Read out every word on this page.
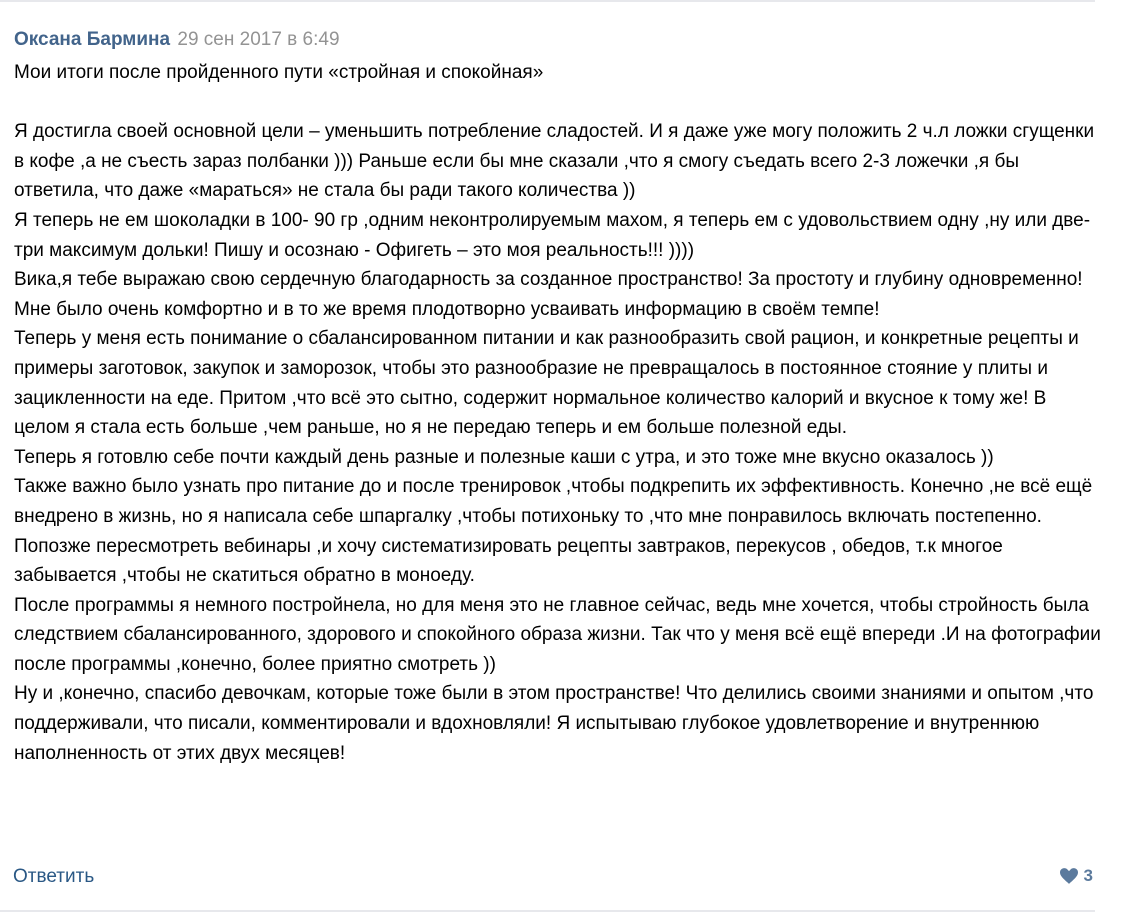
Оксана Бармина 29 сен 2017 в 6:49

Мои итоги после пройденного пути «стройная и спокойная»

Я достигла своей основной цели – уменьшить потребление сладостей. И я даже уже могу положить 2 ч.л ложки сгущенки в кофе ,а не съесть зараз полбанки ))) Раньше если бы мне сказали ,что я смогу съедать всего 2-3 ложечки ,я бы ответила, что даже «мараться» не стала бы ради такого количества ))

Я теперь не ем шоколадки в 100- 90 гр ,одним неконтролируемым махом, я теперь ем с удовольствием одну ,ну или две-три максимум дольки! Пишу и осознаю - Офигеть – это моя реальность!!! ))))

Вика,я тебе выражаю свою сердечную благодарность за созданное пространство! За простоту и глубину одновременно! Мне было очень комфортно и в то же время плодотворно усваивать информацию в своём темпе!

Теперь у меня есть понимание о сбалансированном питании и как разнообразить свой рацион, и конкретные рецепты и примеры заготовок, закупок и заморозок, чтобы это разнообразие не превращалось в постоянное стояние у плиты и зацикленности на еде. Притом ,что всё это сытно, содержит нормальное количество калорий и вкусное к тому же! В целом я стала есть больше ,чем раньше, но я не передаю теперь и ем больше полезной еды.

Теперь я готовлю себе почти каждый день разные и полезные каши с утра, и это тоже мне вкусно оказалось ))

Также важно было узнать про питание до и после тренировок ,чтобы подкрепить их эффективность. Конечно ,не всё ещё внедрено в жизнь, но я написала себе шпаргалку ,чтобы потихоньку то ,что мне понравилось включать постепенно. Попозже пересмотреть вебинары ,и хочу систематизировать рецепты завтраков, перекусов , обедов, т.к многое забывается ,чтобы не скатиться обратно в моноеду.

После программы я немного постройнела, но для меня это не главное сейчас, ведь мне хочется, чтобы стройность была следствием сбалансированного, здорового и спокойного образа жизни. Так что у меня всё ещё впереди .И на фотографии после программы ,конечно, более приятно смотреть ))

Ну и ,конечно, спасибо девочкам, которые тоже были в этом пространстве! Что делились своими знаниями и опытом ,что поддерживали, что писали, комментировали и вдохновляли! Я испытываю глубокое удовлетворение и внутреннюю наполненность от этих двух месяцев!

Ответить	3
